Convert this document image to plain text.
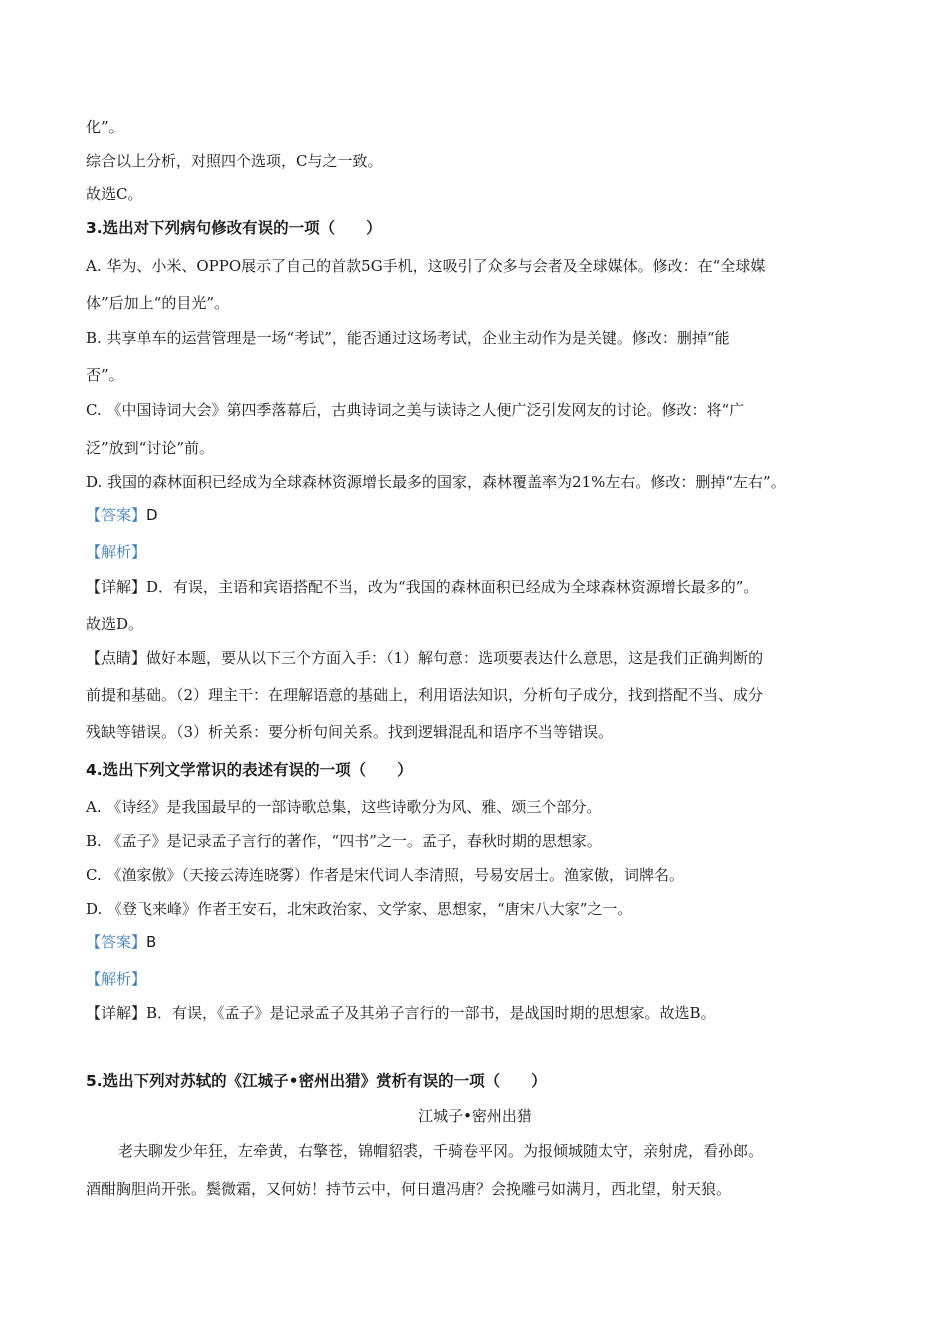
化”。
综合以上分析，对照四个选项，C与之一致。
故选C。
3.选出对下列病句修改有误的一项（　　）
A. 华为、小米、OPPO展示了自己的首款5G手机，这吸引了众多与会者及全球媒体。修改：在“全球媒
体”后加上“的目光”。
B. 共享单车的运营管理是一场“考试”，能否通过这场考试，企业主动作为是关键。修改：删掉“能
否”。
C. 《中国诗词大会》第四季落幕后，古典诗词之美与读诗之人便广泛引发网友的讨论。修改：将“广
泛”放到“讨论”前。
D. 我国的森林面积已经成为全球森林资源增长最多的国家，森林覆盖率为21%左右。修改：删掉“左右”。
【答案】D
【解析】
【详解】D．有误，主语和宾语搭配不当，改为“我国的森林面积已经成为全球森林资源增长最多的”。
故选D。
【点睛】做好本题，要从以下三个方面入手：（1）解句意：选项要表达什么意思，这是我们正确判断的
前提和基础。（2）理主干：在理解语意的基础上，利用语法知识，分析句子成分，找到搭配不当、成分
残缺等错误。（3）析关系：要分析句间关系。找到逻辑混乱和语序不当等错误。
4.选出下列文学常识的表述有误的一项（　　）
A. 《诗经》是我国最早的一部诗歌总集，这些诗歌分为风、雅、颂三个部分。
B. 《孟子》是记录孟子言行的著作，“四书”之一。孟子，春秋时期的思想家。
C. 《渔家傲》（天接云涛连晓雾）作者是宋代词人李清照，号易安居士。渔家傲，词牌名。
D. 《登飞来峰》作者王安石，北宋政治家、文学家、思想家，“唐宋八大家”之一。
【答案】B
【解析】
【详解】B．有误，《孟子》是记录孟子及其弟子言行的一部书，是战国时期的思想家。故选B。
5.选出下列对苏轼的《江城子•密州出猎》赏析有误的一项（　　）
江城子•密州出猎
老夫聊发少年狂，左牵黄，右擎苍，锦帽貂裘，千骑卷平冈。为报倾城随太守，亲射虎，看孙郎。
酒酣胸胆尚开张。鬓微霜，又何妨！持节云中，何日遣冯唐？会挽雕弓如满月，西北望，射天狼。
